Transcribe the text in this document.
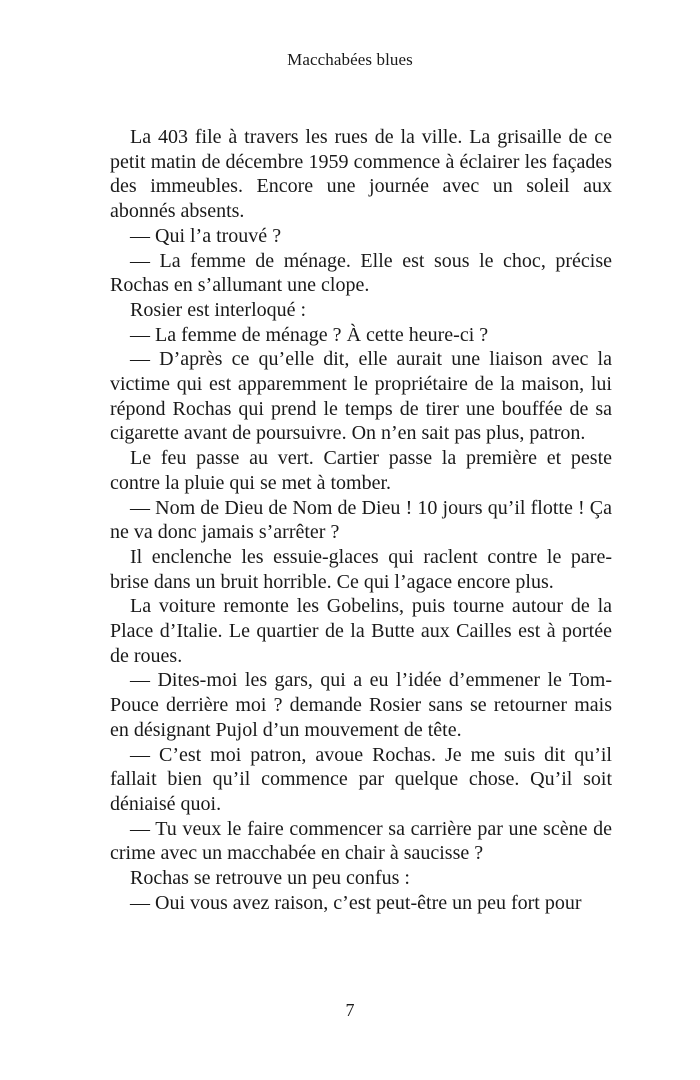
Macchabées blues

La 403 file à travers les rues de la ville. La grisaille de ce petit matin de décembre 1959 commence à éclairer les façades des immeubles. Encore une journée avec un soleil aux abonnés absents.

— Qui l’a trouvé ?

— La femme de ménage. Elle est sous le choc, précise Rochas en s’allumant une clope.

Rosier est interloqué :

— La femme de ménage ? À cette heure-ci ?

— D’après ce qu’elle dit, elle aurait une liaison avec la victime qui est apparemment le propriétaire de la maison, lui répond Rochas qui prend le temps de tirer une bouffée de sa cigarette avant de poursuivre. On n’en sait pas plus, patron.

Le feu passe au vert. Cartier passe la première et peste contre la pluie qui se met à tomber.

— Nom de Dieu de Nom de Dieu ! 10 jours qu’il flotte ! Ça ne va donc jamais s’arrêter ?

Il enclenche les essuie-glaces qui raclent contre le pare-brise dans un bruit horrible. Ce qui l’agace encore plus.

La voiture remonte les Gobelins, puis tourne autour de la Place d’Italie. Le quartier de la Butte aux Cailles est à portée de roues.

— Dites-moi les gars, qui a eu l’idée d’emmener le Tom-Pouce derrière moi ? demande Rosier sans se retourner mais en désignant Pujol d’un mouvement de tête.

— C’est moi patron, avoue Rochas. Je me suis dit qu’il fallait bien qu’il commence par quelque chose. Qu’il soit déniaisé quoi.

— Tu veux le faire commencer sa carrière par une scène de crime avec un macchabée en chair à saucisse ?

Rochas se retrouve un peu confus :

— Oui vous avez raison, c’est peut-être un peu fort pour

7
